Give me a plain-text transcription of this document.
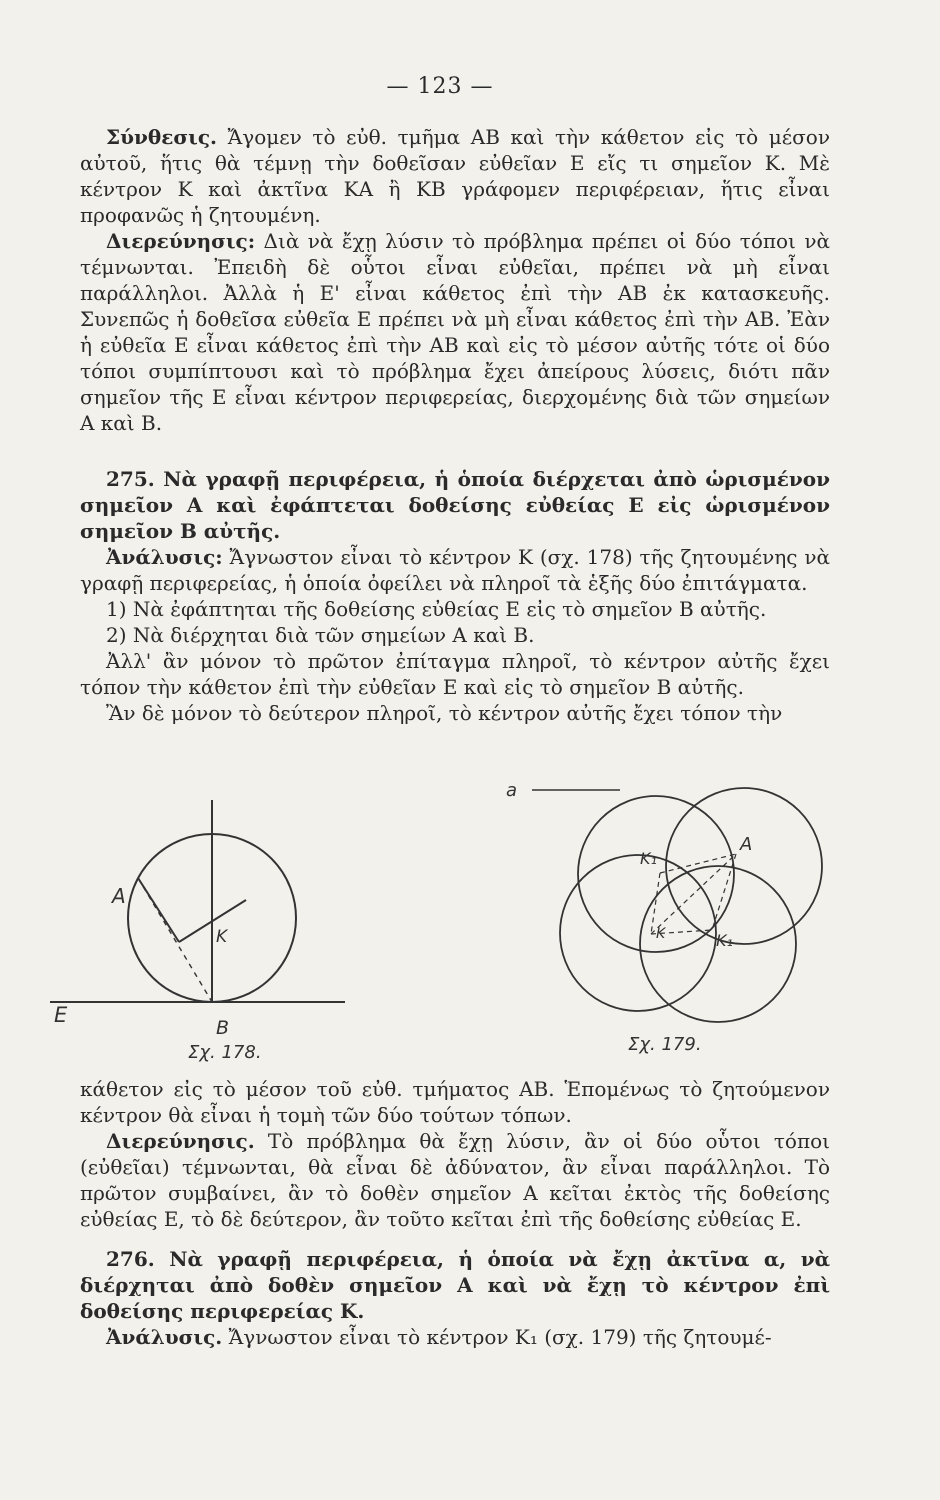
— 123 —

Σύνθεσις. Ἄγομεν τὸ εὐθ. τμῆμα ΑΒ καὶ τὴν κάθετον εἰς τὸ μέσον αὐτοῦ, ἥτις θὰ τέμνῃ τὴν δοθεῖσαν εὐθεῖαν Ε εἴς τι σημεῖον Κ. Μὲ κέντρον Κ καὶ ἀκτῖνα ΚΑ ἢ ΚΒ γράφομεν περιφέρειαν, ἥτις εἶναι προφανῶς ἡ ζητουμένη.

Διερεύνησις: Διὰ νὰ ἔχῃ λύσιν τὸ πρόβλημα πρέπει οἱ δύο τόποι νὰ τέμνωνται. Ἐπειδὴ δὲ οὗτοι εἶναι εὐθεῖαι, πρέπει νὰ μὴ εἶναι παράλληλοι. Ἀλλὰ ἡ Ε' εἶναι κάθετος ἐπὶ τὴν ΑΒ ἐκ κατασκευῆς. Συνεπῶς ἡ δοθεῖσα εὐθεῖα Ε πρέπει νὰ μὴ εἶναι κάθετος ἐπὶ τὴν ΑΒ. Ἐὰν ἡ εὐθεῖα Ε εἶναι κάθετος ἐπὶ τὴν ΑΒ καὶ εἰς τὸ μέσον αὐτῆς τότε οἱ δύο τόποι συμπίπτουσι καὶ τὸ πρόβλημα ἔχει ἀπείρους λύσεις, διότι πᾶν σημεῖον τῆς Ε εἶναι κέντρον περιφερείας, διερχομένης διὰ τῶν σημείων Α καὶ Β.

275. Νὰ γραφῇ περιφέρεια, ἡ ὁποία διέρχεται ἀπὸ ὡρισμένον σημεῖον Α καὶ ἐφάπτεται δοθείσης εὐθείας Ε εἰς ὡρισμένον σημεῖον Β αὐτῆς.

Ἀνάλυσις: Ἄγνωστον εἶναι τὸ κέντρον Κ (σχ. 178) τῆς ζητουμένης νὰ γραφῇ περιφερείας, ἡ ὁποία ὀφείλει νὰ πληροῖ τὰ ἑξῆς δύο ἐπιτάγματα.

1) Νὰ ἐφάπτηται τῆς δοθείσης εὐθείας Ε εἰς τὸ σημεῖον Β αὐτῆς.

2) Νὰ διέρχηται διὰ τῶν σημείων Α καὶ Β.

Ἀλλ' ἂν μόνον τὸ πρῶτον ἐπίταγμα πληροῖ, τὸ κέντρον αὐτῆς ἔχει τόπον τὴν κάθετον ἐπὶ τὴν εὐθεῖαν Ε καὶ εἰς τὸ σημεῖον Β αὐτῆς.

Ἂν δὲ μόνον τὸ δεύτερον πληροῖ, τὸ κέντρον αὐτῆς ἔχει τόπον τὴν

A
K
B
E
Σχ. 178.
a
K₁
A
K	K₁
Σχ. 179.

κάθετον εἰς τὸ μέσον τοῦ εὐθ. τμήματος ΑΒ. Ἑπομένως τὸ ζητούμενον κέντρον θὰ εἶναι ἡ τομὴ τῶν δύο τούτων τόπων.

Διερεύνησις. Τὸ πρόβλημα θὰ ἔχῃ λύσιν, ἂν οἱ δύο οὗτοι τόποι (εὐθεῖαι) τέμνωνται, θὰ εἶναι δὲ ἀδύνατον, ἂν εἶναι παράλληλοι. Τὸ πρῶτον συμβαίνει, ἂν τὸ δοθὲν σημεῖον Α κεῖται ἐκτὸς τῆς δοθείσης εὐθείας Ε, τὸ δὲ δεύτερον, ἂν τοῦτο κεῖται ἐπὶ τῆς δοθείσης εὐθείας Ε.

276. Νὰ γραφῇ περιφέρεια, ἡ ὁποία νὰ ἔχῃ ἀκτῖνα α, νὰ διέρχηται ἀπὸ δοθὲν σημεῖον Α καὶ νὰ ἔχῃ τὸ κέντρον ἐπὶ δοθείσης περιφερείας Κ.

Ἀνάλυσις. Ἄγνωστον εἶναι τὸ κέντρον Κ₁ (σχ. 179) τῆς ζητουμέ-
